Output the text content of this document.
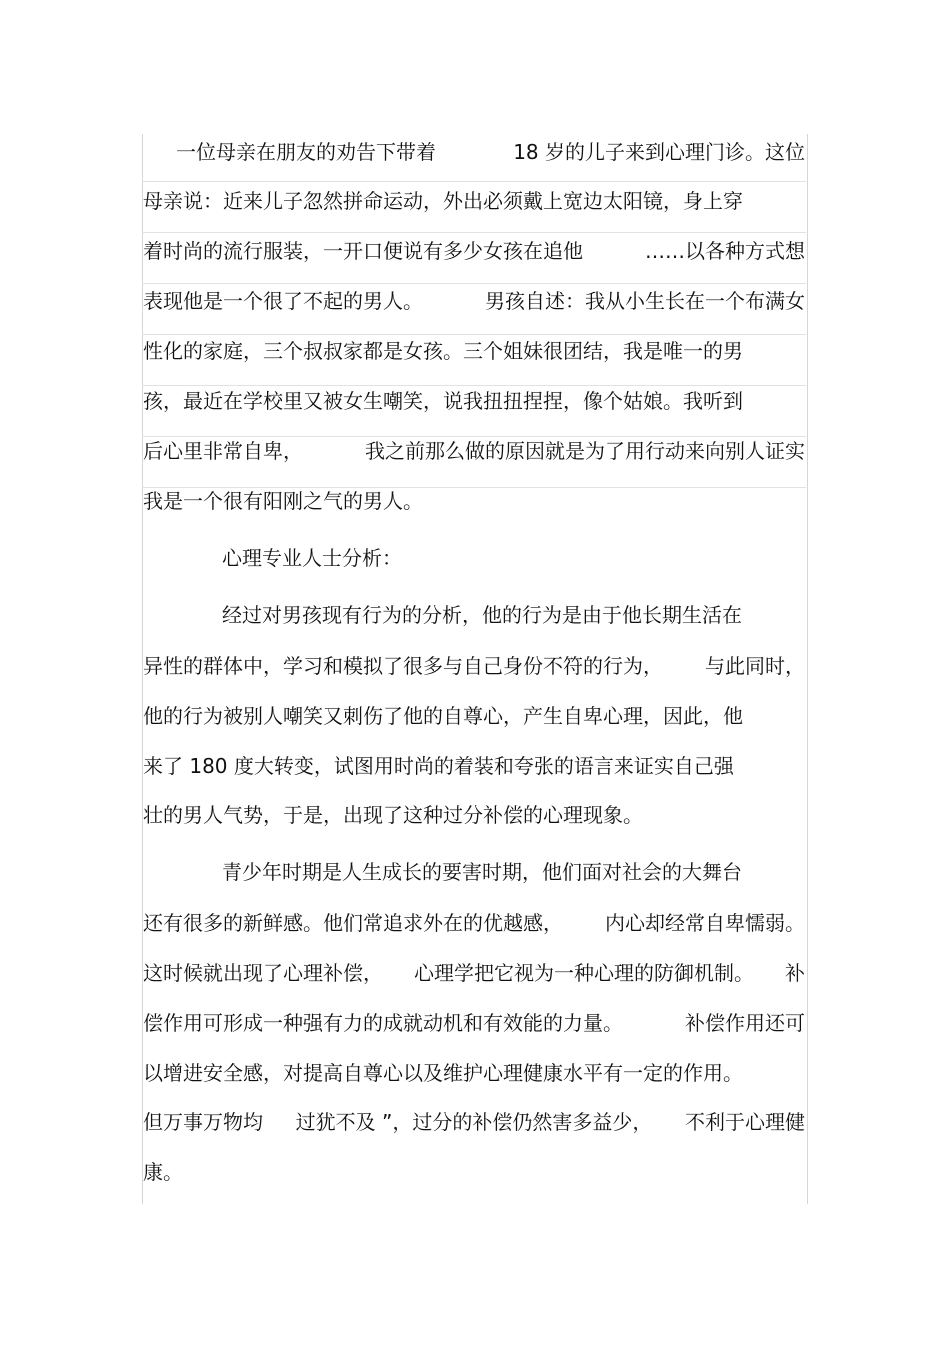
一位母亲在朋友的劝告下带着	18 岁的儿子来到心理门诊。这位
母亲说：近来儿子忽然拼命运动，外出必须戴上宽边太阳镜，身上穿
着时尚的流行服装，一开口便说有多少女孩在追他	……以各种方式想
表现他是一个很了不起的男人。	男孩自述：我从小生长在一个布满女
性化的家庭，三个叔叔家都是女孩。三个姐妹很团结，我是唯一的男
孩，最近在学校里又被女生嘲笑，说我扭扭捏捏，像个姑娘。我听到
后心里非常自卑，	我之前那么做的原因就是为了用行动来向别人证实
我是一个很有阳刚之气的男人。
心理专业人士分析：
经过对男孩现有行为的分析，他的行为是由于他长期生活在
异性的群体中，学习和模拟了很多与自己身份不符的行为， 与此同时，
他的行为被别人嘲笑又刺伤了他的自尊心，产生自卑心理，因此，他
来了 180 度大转变，试图用时尚的着装和夸张的语言来证实自己强
壮的男人气势，于是，出现了这种过分补偿的心理现象。
青少年时期是人生成长的要害时期，他们面对社会的大舞台
还有很多的新鲜感。他们常追求外在的优越感， 内心却经常自卑懦弱。
这时候就出现了心理补偿， 心理学把它视为一种心理的防御机制。 补
偿作用可形成一种强有力的成就动机和有效能的力量。	补偿作用还可
以增进安全感，对提高自尊心以及维护心理健康水平有一定的作用。
但万事万物均 过犹不及 ”，过分的补偿仍然害多益少， 不利于心理健
康。
